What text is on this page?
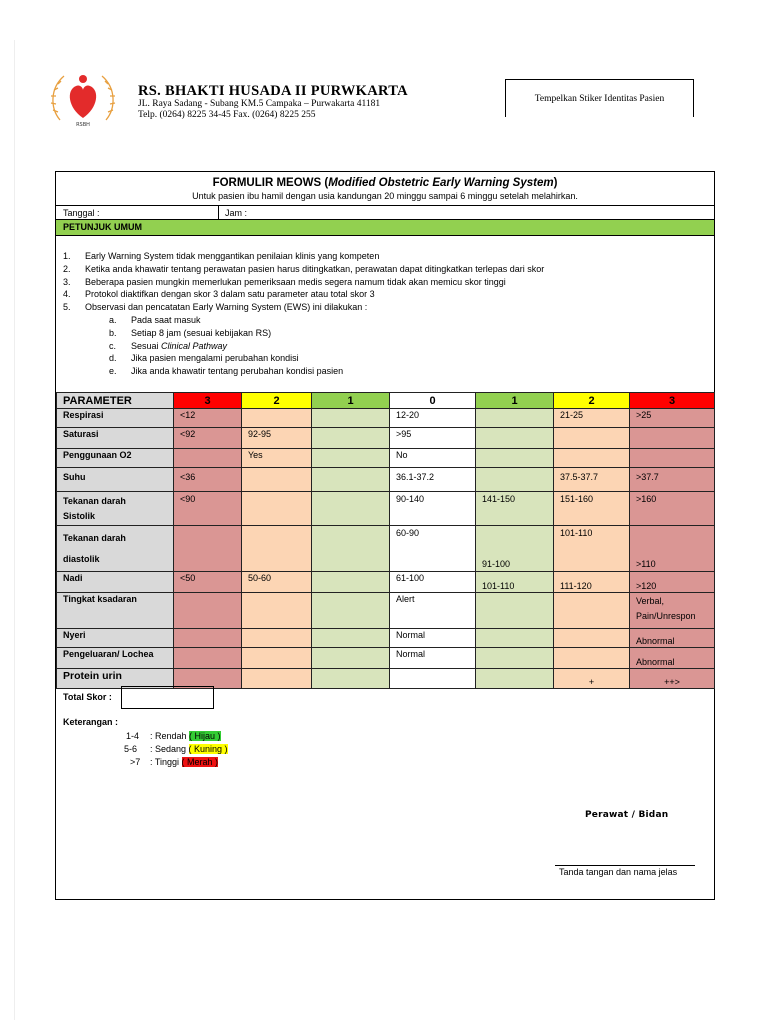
RSBH
RS. BHAKTI HUSADA II PURWKARTA
JL. Raya Sadang - Subang KM.5 Campaka – Purwakarta 41181
Telp. (0264) 8225 34-45 Fax. (0264) 8225 255
Tempelkan Stiker Identitas Pasien
FORMULIR MEOWS (Modified Obstetric Early Warning System)
Untuk pasien ibu hamil dengan usia kandungan 20 minggu sampai 6 minggu setelah melahirkan.
Tanggal :	Jam :
PETUNJUK UMUM
1. Early Warning System tidak menggantikan penilaian klinis yang kompeten
2. Ketika anda khawatir tentang perawatan pasien harus ditingkatkan, perawatan dapat ditingkatkan terlepas dari skor
3. Beberapa pasien mungkin memerlukan pemeriksaan medis segera namum tidak akan memicu skor tinggi
4. Protokol diaktifkan dengan skor 3 dalam satu parameter atau total skor 3
5. Observasi dan pencatatan Early Warning System (EWS) ini dilakukan :
a. Pada saat masuk
b. Setiap 8 jam (sesuai kebijakan RS)
c. Sesuai Clinical Pathway
d. Jika pasien mengalami perubahan kondisi
e. Jika anda khawatir tentang perubahan kondisi pasien
PARAMETER	3	2	1	0	1	2	3
Respirasi	<12			12-20		21-25	>25
Saturasi	<92	92-95		>95			
Penggunaan O2		Yes		No			
Suhu	<36			36.1-37.2		37.5-37.7	>37.7
Tekanan darah
Sistolik	<90			90-140	141-150	151-160	>160
Tekanan darah
diastolik				60-90	91-100	101-110	>110
Nadi	<50	50-60		61-100	101-110	111-120	>120
Tingkat ksadaran				Alert			Verbal,
Pain/Unrespon
Nyeri				Normal			Abnormal
Pengeluaran/ Lochea				Normal			Abnormal
Protein urin						+	++>
Total Skor :
Keterangan :
1-4 : Rendah ( Hijau )
5-6 : Sedang ( Kuning )
>7 : Tinggi ( Merah )
Perawat / Bidan
Tanda tangan dan nama jelas
